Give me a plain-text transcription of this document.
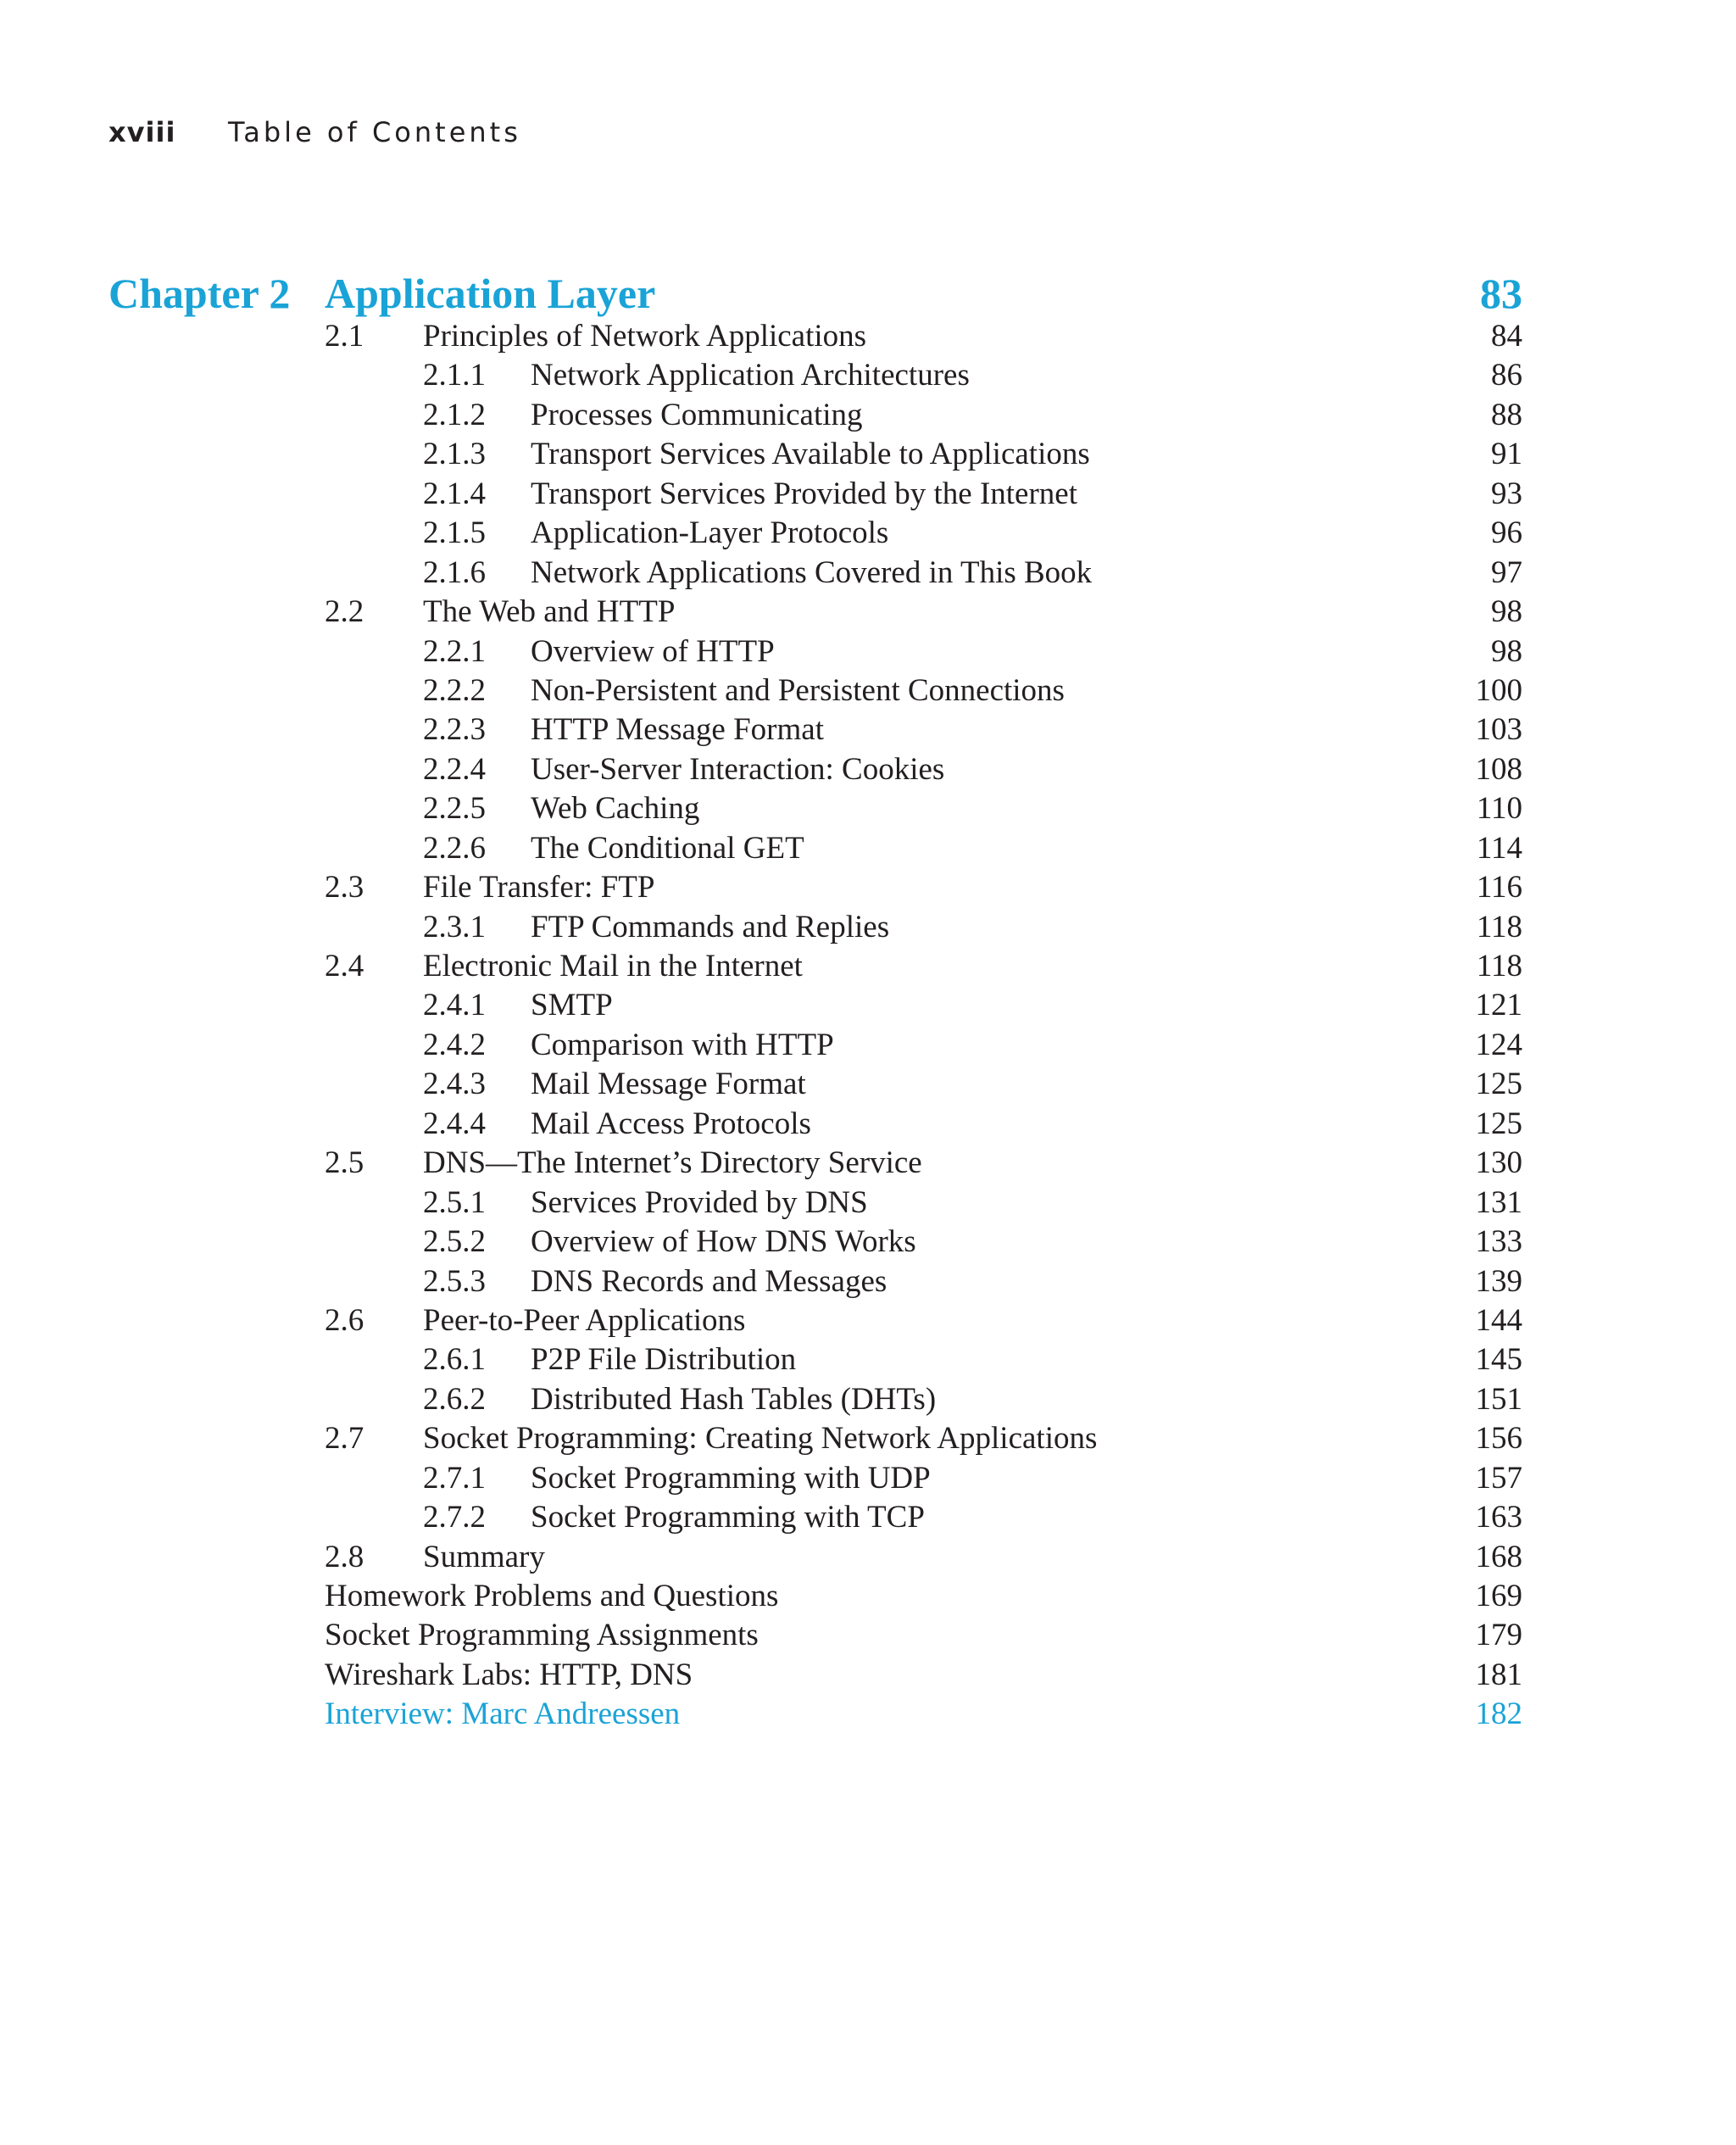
xviii Table of Contents
Chapter 2 Application Layer	83
2.1 Principles of Network Applications	84
2.1.1 Network Application Architectures	86
2.1.2 Processes Communicating	88
2.1.3 Transport Services Available to Applications	91
2.1.4 Transport Services Provided by the Internet	93
2.1.5 Application-Layer Protocols	96
2.1.6 Network Applications Covered in This Book	97
2.2 The Web and HTTP	98
2.2.1 Overview of HTTP	98
2.2.2 Non-Persistent and Persistent Connections	100
2.2.3 HTTP Message Format	103
2.2.4 User-Server Interaction: Cookies	108
2.2.5 Web Caching	110
2.2.6 The Conditional GET	114
2.3 File Transfer: FTP	116
2.3.1 FTP Commands and Replies	118
2.4 Electronic Mail in the Internet	118
2.4.1 SMTP	121
2.4.2 Comparison with HTTP	124
2.4.3 Mail Message Format	125
2.4.4 Mail Access Protocols	125
2.5 DNS—The Internet’s Directory Service	130
2.5.1 Services Provided by DNS	131
2.5.2 Overview of How DNS Works	133
2.5.3 DNS Records and Messages	139
2.6 Peer-to-Peer Applications	144
2.6.1 P2P File Distribution	145
2.6.2 Distributed Hash Tables (DHTs)	151
2.7 Socket Programming: Creating Network Applications	156
2.7.1 Socket Programming with UDP	157
2.7.2 Socket Programming with TCP	163
2.8 Summary	168
Homework Problems and Questions	169
Socket Programming Assignments	179
Wireshark Labs: HTTP, DNS	181
Interview: Marc Andreessen	182
